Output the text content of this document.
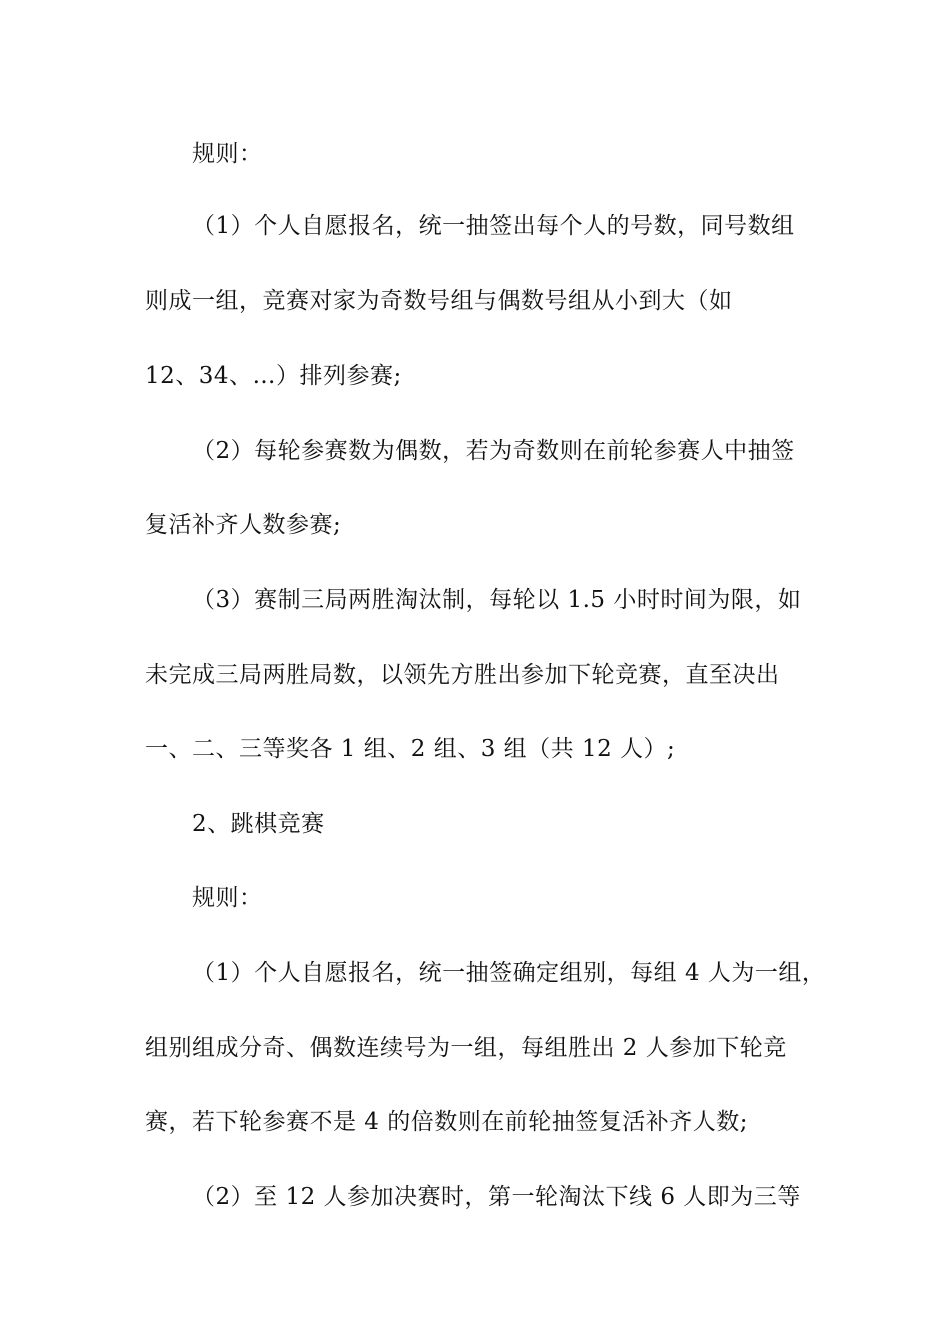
规则：
（1）个人自愿报名，统一抽签出每个人的号数，同号数组
则成一组，竞赛对家为奇数号组与偶数号组从小到大（如
12、34、…）排列参赛;
（2）每轮参赛数为偶数，若为奇数则在前轮参赛人中抽签
复活补齐人数参赛;
（3）赛制三局两胜淘汰制，每轮以 1.5 小时时间为限，如
未完成三局两胜局数，以领先方胜出参加下轮竞赛，直至决出
一、二、三等奖各 1 组、2 组、3 组（共 12 人）;
2、跳棋竞赛
规则：
（1）个人自愿报名，统一抽签确定组别，每组 4 人为一组，
组别组成分奇、偶数连续号为一组，每组胜出 2 人参加下轮竞
赛，若下轮参赛不是 4 的倍数则在前轮抽签复活补齐人数;
（2）至 12 人参加决赛时，第一轮淘汰下线 6 人即为三等
